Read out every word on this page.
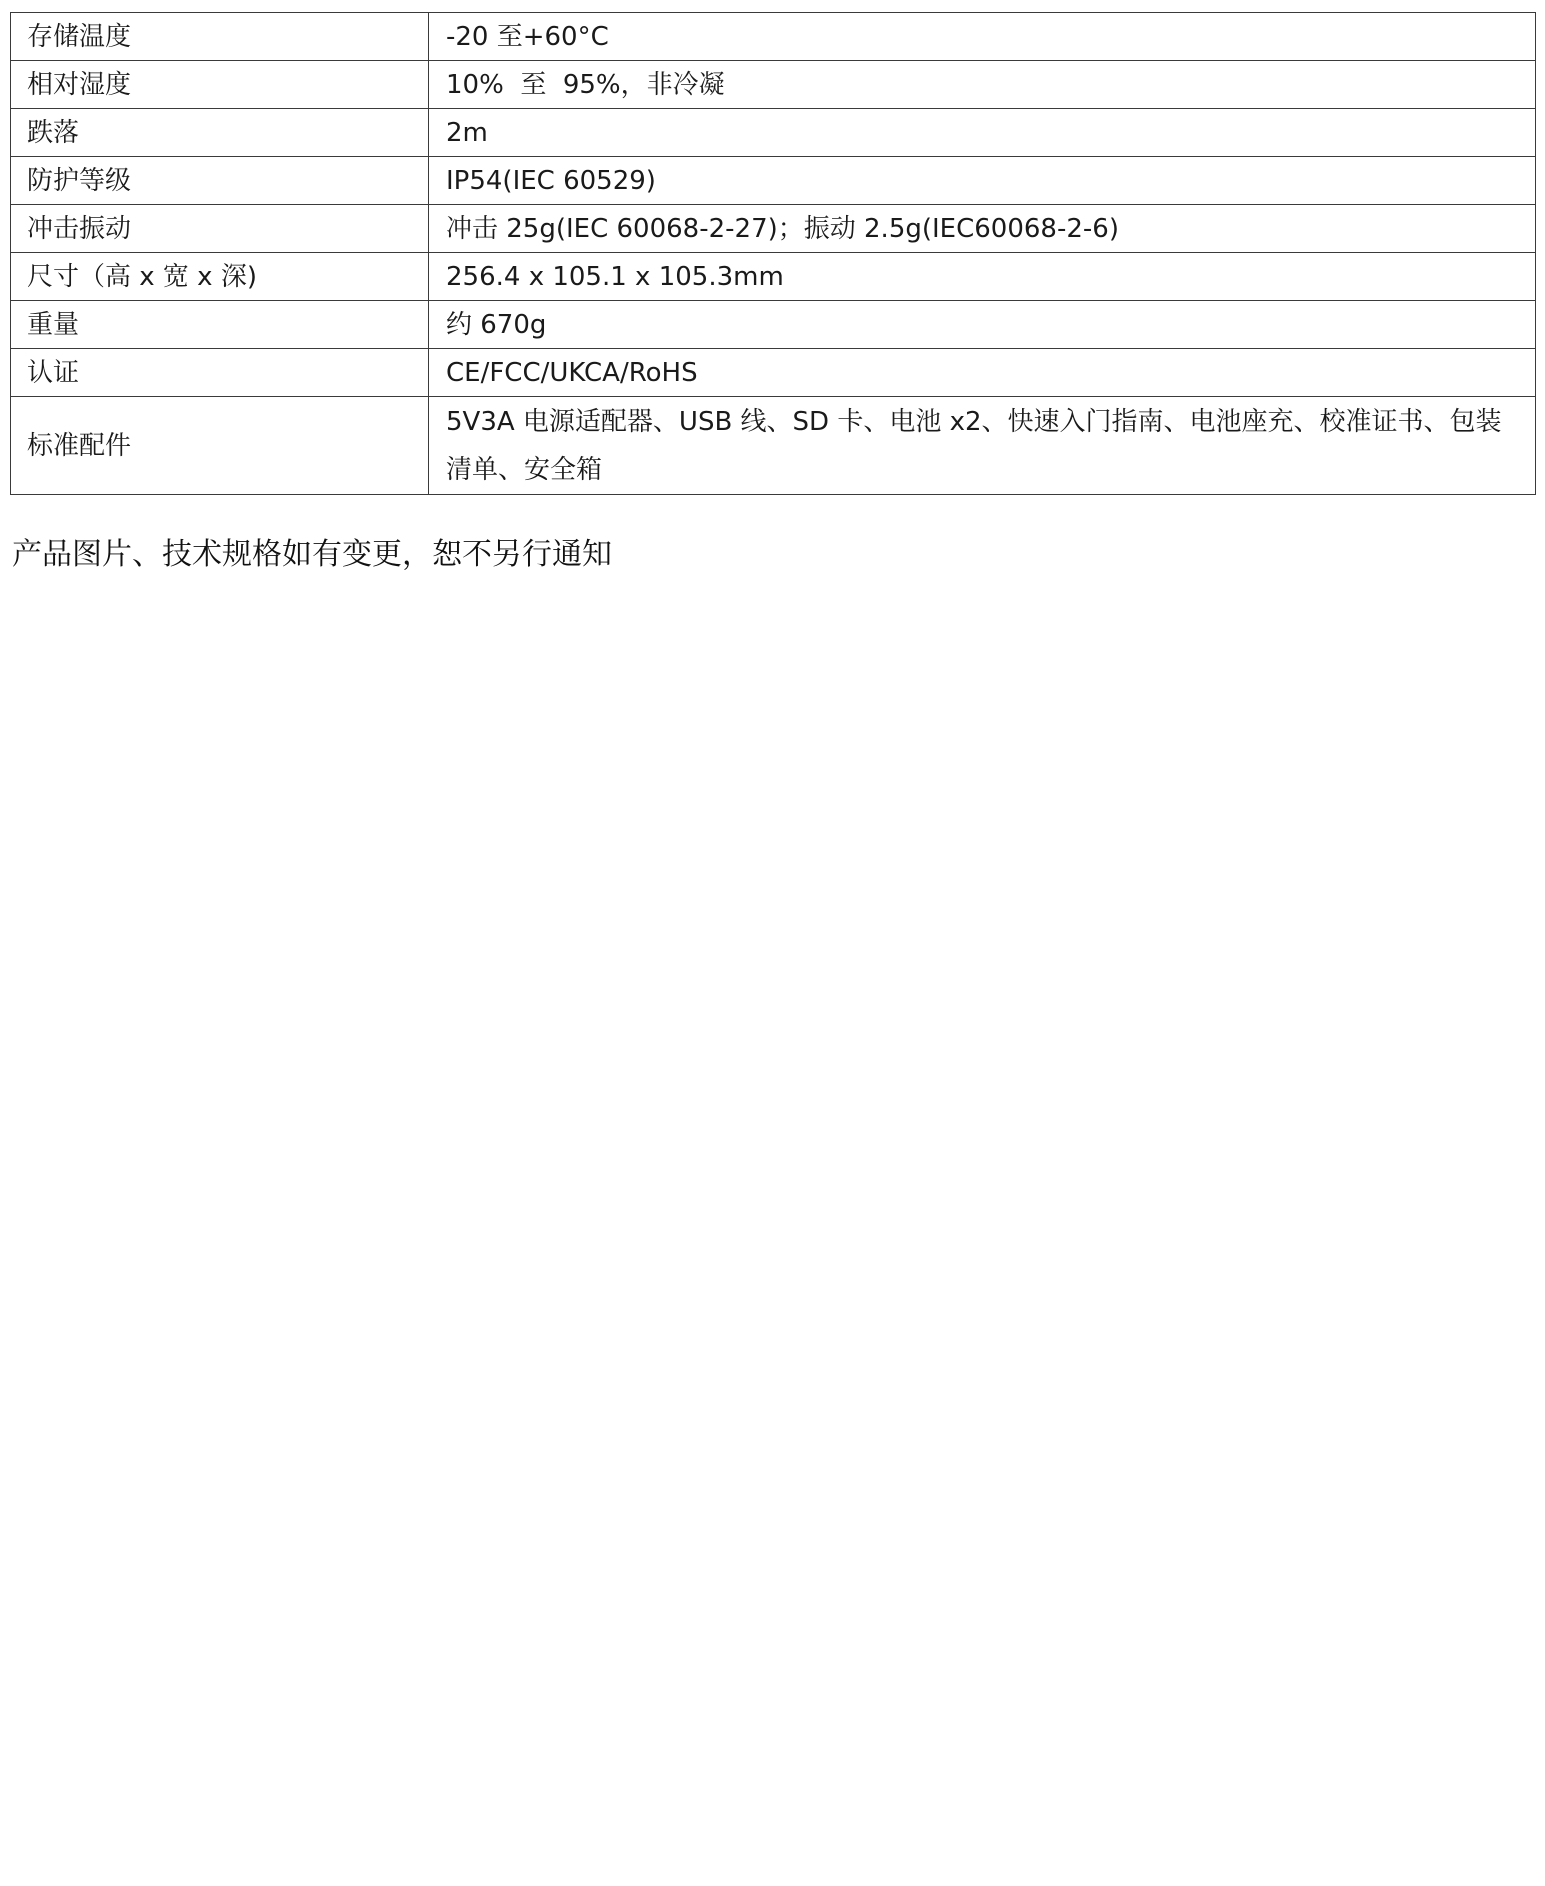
存储温度	-20 至+60°C
相对湿度	10%  至  95%，非冷凝
跌落	2m
防护等级	IP54(IEC 60529)
冲击振动	冲击 25g(IEC 60068-2-27)；振动 2.5g(IEC60068-2-6)
尺寸（高 x 宽 x 深)	256.4 x 105.1 x 105.3mm
重量	约 670g
认证	CE/FCC/UKCA/RoHS
标准配件	5V3A 电源适配器、USB 线、SD 卡、电池 x2、快速入门指南、电池座充、校准证书、包装清单、安全箱
产品图片、技术规格如有变更，恕不另行通知
